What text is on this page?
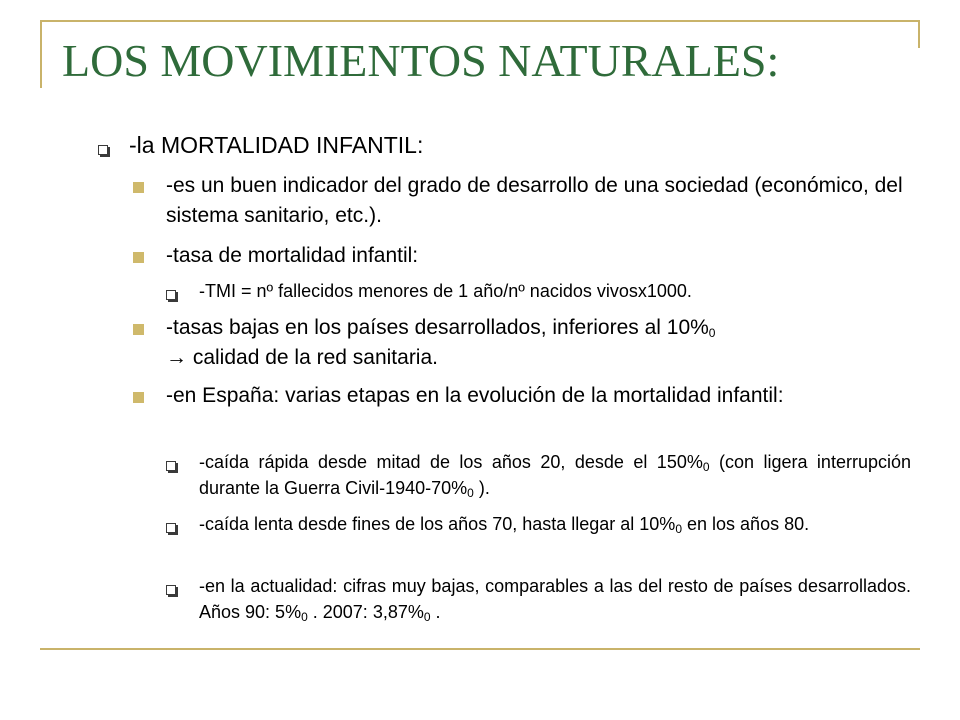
LOS MOVIMIENTOS NATURALES:
-la MORTALIDAD INFANTIL:
-es un buen indicador del grado de desarrollo de una sociedad (económico, del sistema sanitario, etc.).
-tasa de mortalidad infantil:
-TMI = nº fallecidos menores de 1 año/nº nacidos vivosx1000.
-tasas bajas en los países desarrollados, inferiores al $10\%_0$
→ calidad de la red sanitaria.
-en España: varias etapas en la evolución de la mortalidad infantil:
-caída rápida desde mitad de los años 20, desde el $150\%_0$ (con ligera interrupción durante la Guerra Civil-$1940-70\%_0$ ).
-caída lenta desde fines de los años 70, hasta llegar al $10\%_0$ en los años 80.
-en la actualidad: cifras muy bajas, comparables a las del resto de países desarrollados. Años 90: $5\%_0$ . 2007: $3,87\%_0$ .
